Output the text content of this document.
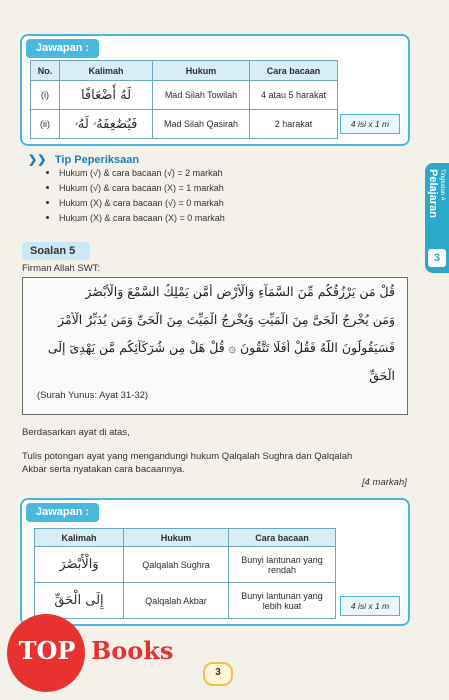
Jawapan :
No.	Kalimah	Hukum	Cara bacaan
(i)	لَهُ أَضْعَافًا	Mad Silah Towilah	4 atau 5 harakat
(ii)	فَيُضَٰعِفَهُۥ لَهُۥ	Mad Silah Qasirah	2 harakat	4 isi x 1 m
❯❯ Tip Peperiksaan
Hukum (√) & cara bacaan (√) = 2 markah
Hukum (√) & cara bacaan (X) = 1 markah
Hukum (X) & cara bacaan (√) = 0 markah
Hukum (X) & cara bacaan (X) = 0 markah
Pelajaran Tingkatan 4
3
Soalan 5
Firman Allah SWT:
قُلْ مَن يَرْزُقُكُم مِّنَ السَّمَآءِ وَالْأَرْضِ أَمَّن يَمْلِكُ السَّمْعَ وَالْأَبْصَٰرَ
وَمَن يُخْرِجُ الْحَىَّ مِنَ الْمَيِّتِ وَيُخْرِجُ الْمَيِّتَ مِنَ الْحَىِّ وَمَن يُدَبِّرُ الْأَمْرَ
فَسَيَقُولُونَ اللَّهُ فَقُلْ أَفَلَا تَتَّقُونَ ۞ قُلْ هَلْ مِن شُرَكَآئِكُم مَّن يَهْدِىٓ إِلَى
الْحَقِّ
(Surah Yunus: Ayat 31-32)
Berdasarkan ayat di atas,
Tulis potongan ayat yang mengandungi hukum Qalqalah Sughra dan Qalqalah
Akbar serta nyatakan cara bacaannya.
[4 markah]
Jawapan :
Kalimah	Hukum	Cara bacaan
وَالْأَبْصَٰرَ	Qalqalah Sughra	Bunyi lantunan yang
rendah

إِلَى الْحَقِّ	Qalqalah Akbar	Bunyi lantunan yang
lebih kuat	4 isi x 1 m
TOP Books
3
